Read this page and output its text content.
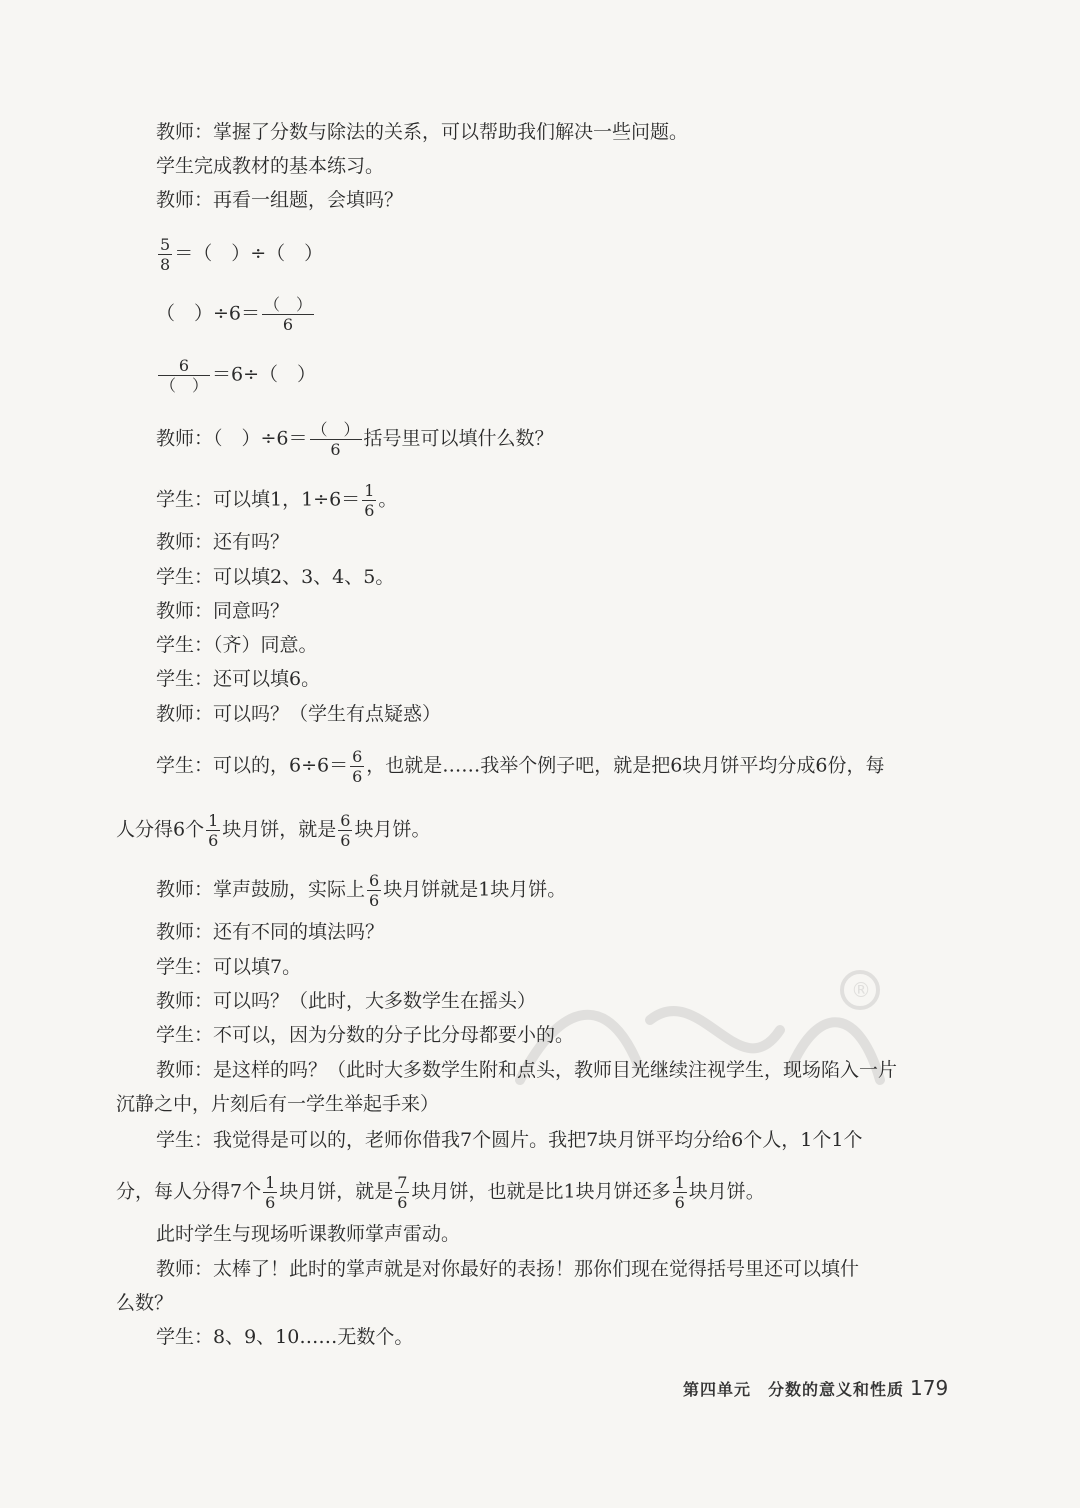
教师：掌握了分数与除法的关系，可以帮助我们解决一些问题。
学生完成教材的基本练习。
教师：再看一组题，会填吗？
$\frac{5}{8}$ ＝（　）÷（　）
（　）$\div 6= \frac{( )}{6}$
$\frac{6}{( )} =6\div$（　）
教师：（　）$\div 6= \frac{( )}{6}$ 括号里可以填什么数？
学生：可以填1，$1\div 6= \frac{1}{6}$ 。
教师：还有吗？
学生：可以填2、3、4、5。
教师：同意吗？
学生：（齐）同意。
学生：还可以填6。
教师：可以吗？（学生有点疑惑）
学生：可以的，$6\div 6= \frac{6}{6}$ ，也就是……我举个例子吧，就是把6块月饼平均分成6份，每
人分得6个 $\frac{1}{6}$ 块月饼，就是 $\frac{6}{6}$ 块月饼。
教师：掌声鼓励，实际上 $\frac{6}{6}$ 块月饼就是1块月饼。
教师：还有不同的填法吗？
学生：可以填7。
教师：可以吗？（此时，大多数学生在摇头）
学生：不可以，因为分数的分子比分母都要小的。
教师：是这样的吗？（此时大多数学生附和点头，教师目光继续注视学生，现场陷入一片
沉静之中，片刻后有一学生举起手来）
学生：我觉得是可以的，老师你借我7个圆片。我把7块月饼平均分给6个人，1个1个
分，每人分得7个 $\frac{1}{6}$ 块月饼，就是 $\frac{7}{6}$ 块月饼，也就是比1块月饼还多 $\frac{1}{6}$ 块月饼。
此时学生与现场听课教师掌声雷动。
教师：太棒了！此时的掌声就是对你最好的表扬！那你们现在觉得括号里还可以填什
么数？
学生：8、9、10……无数个。
第四单元　分数的意义和性质 179
®
